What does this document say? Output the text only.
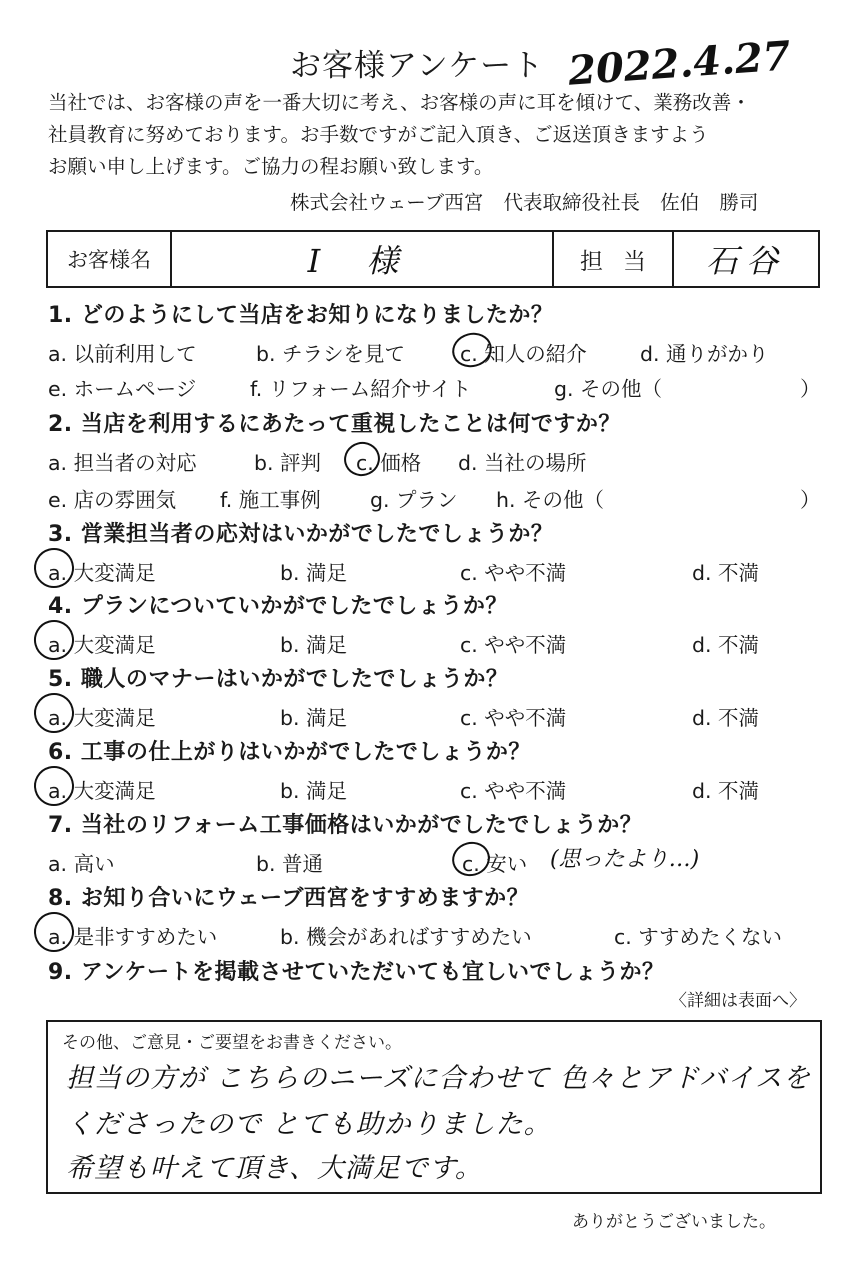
お客様アンケート 2022.4.27
当社では、お客様の声を一番大切に考え、お客様の声に耳を傾けて、業務改善・
社員教育に努めております。お手数ですがご記入頂き、ご返送頂きますよう
お願い申し上げます。ご協力の程お願い致します。
株式会社ウェーブ西宮 代表取締役社長 佐伯 勝司
お客様名	I 様	担当 石谷
1. どのようにして当店をお知りになりましたか？
a. 以前利用して	b. チラシを見て	c. 知人の紹介	d. 通りがかり
e. ホームページ	f. リフォーム紹介サイト	g. その他（	）
2. 当店を利用するにあたって重視したことは何ですか？
a. 担当者の対応	b. 評判 c. 価格 d. 当社の場所
e. 店の雰囲気 f. 施工事例 g. プラン h. その他（	）
3. 営業担当者の応対はいかがでしたでしょうか？
a. 大変満足	b. 満足	c. やや不満	d. 不満
4. プランについていかがでしたでしょうか？
a. 大変満足	b. 満足	c. やや不満	d. 不満
5. 職人のマナーはいかがでしたでしょうか？
a. 大変満足	b. 満足	c. やや不満	d. 不満
6. 工事の仕上がりはいかがでしたでしょうか？
a. 大変満足	b. 満足	c. やや不満	d. 不満
7. 当社のリフォーム工事価格はいかがでしたでしょうか？
a. 高い	b. 普通	c. 安い (思ったより…)
8. お知り合いにウェーブ西宮をすすめますか？
a. 是非すすめたい	b. 機会があればすすめたい	c. すすめたくない
9. アンケートを掲載させていただいても宜しいでしょうか？
〈詳細は表面へ〉
その他、ご意見・ご要望をお書きください。
担当の方が こちらのニーズに合わせて 色々とアドバイスを
くださったので とても助かりました。
希望も叶えて頂き、大満足です。
ありがとうございました。
